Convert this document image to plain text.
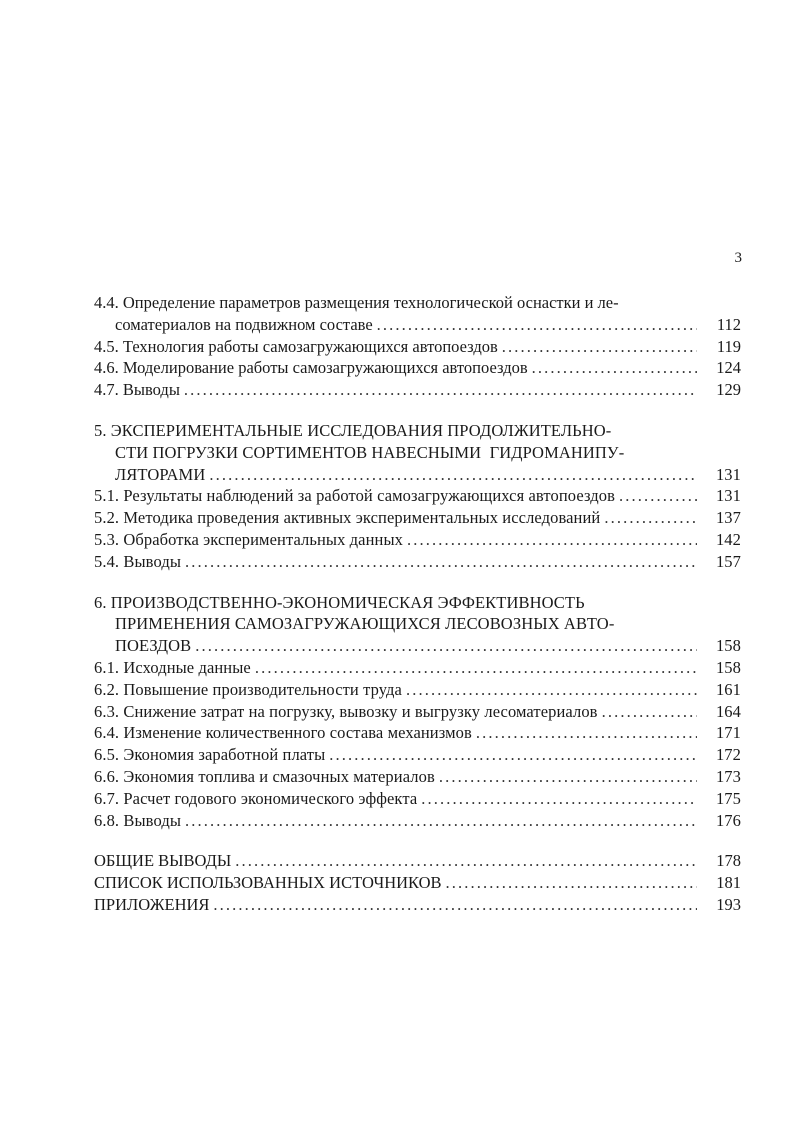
3
4.4. Определение параметров размещения технологической оснастки и ле-
соматериалов на подвижном составе . . .	112
4.5. Технология работы самозагружающихся автопоездов . . .	119
4.6. Моделирование работы самозагружающихся автопоездов . . .	124
4.7. Выводы . . .	129
5. ЭКСПЕРИМЕНТАЛЬНЫЕ ИССЛЕДОВАНИЯ ПРОДОЛЖИТЕЛЬНО-
СТИ ПОГРУЗКИ СОРТИМЕНТОВ НАВЕСНЫМИ  ГИДРОМАНИПУ-
ЛЯТОРАМИ . . .	131
5.1. Результаты наблюдений за работой самозагружающихся автопоездов . . .	131
5.2. Методика проведения активных экспериментальных исследований . . .	137
5.3. Обработка экспериментальных данных . . .	142
5.4. Выводы . . .	157
6. ПРОИЗВОДСТВЕННО-ЭКОНОМИЧЕСКАЯ ЭФФЕКТИВНОСТЬ
ПРИМЕНЕНИЯ САМОЗАГРУЖАЮЩИХСЯ ЛЕСОВОЗНЫХ АВТО-
ПОЕЗДОВ . . .	158
6.1. Исходные данные . . .	158
6.2. Повышение производительности труда . . .	161
6.3. Снижение затрат на погрузку, вывозку и выгрузку лесоматериалов . . .	164
6.4. Изменение количественного состава механизмов . . .	171
6.5. Экономия заработной платы . . .	172
6.6. Экономия топлива и смазочных материалов . . .	173
6.7. Расчет годового экономического эффекта . . .	175
6.8. Выводы . . .	176
ОБЩИЕ ВЫВОДЫ . . .	178
СПИСОК ИСПОЛЬЗОВАННЫХ ИСТОЧНИКОВ . . .	181
ПРИЛОЖЕНИЯ . . .	193
